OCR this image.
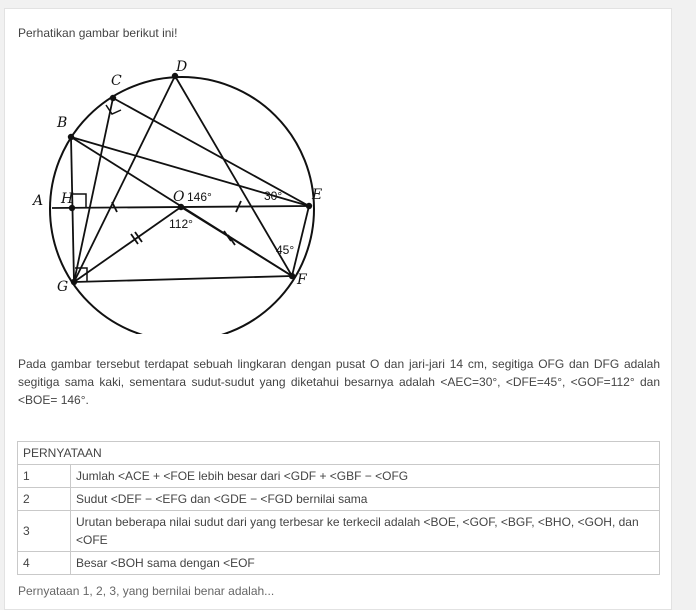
Perhatikan gambar berikut ini!
D
C
B
A H	O	E
F
G
146°
112°
30°
45°
Pada gambar tersebut terdapat sebuah lingkaran dengan pusat O dan jari-jari 14 cm, segitiga OFG dan DFG adalah segitiga sama kaki, sementara sudut-sudut yang diketahui besarnya adalah <AEC=30°, <DFE=45°, <GOF=112° dan <BOE= 146°.
PERNYATAAN	
1	Jumlah <ACE + <FOE lebih besar dari <GDF + <GBF − <OFG
2	Sudut <DEF − <EFG dan <GDE − <FGD bernilai sama
3	Urutan beberapa nilai sudut dari yang terbesar ke terkecil adalah <BOE, <GOF, <BGF, <BHO, <GOH, dan <OFE
4	Besar <BOH sama dengan <EOF
Pernyataan 1, 2, 3, yang bernilai benar adalah...
